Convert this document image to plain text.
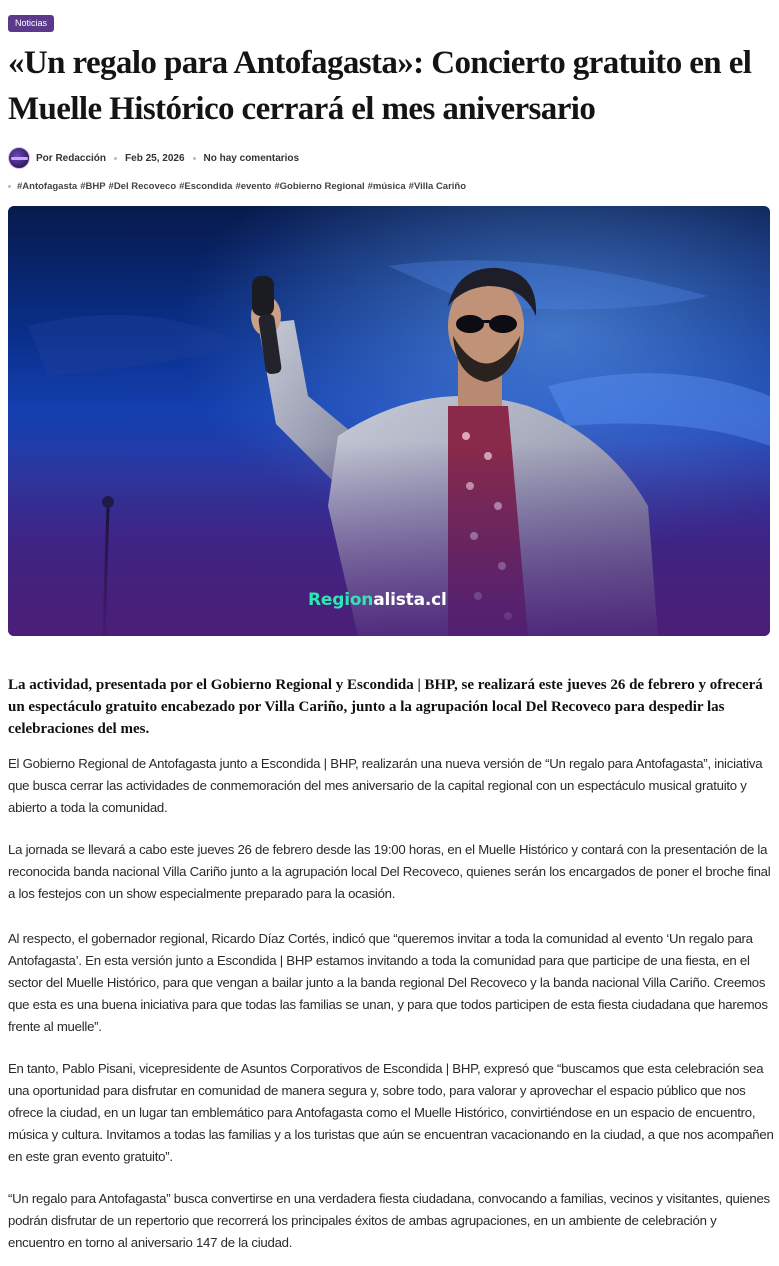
Noticias
«Un regalo para Antofagasta»: Concierto gratuito en el Muelle Histórico cerrará el mes aniversario
Por Redacción Feb 25, 2026 No hay comentarios
#Antofagasta #BHP #Del Recoveco #Escondida #evento #Gobierno Regional #música #Villa Cariño
Regionalista.cl

La actividad, presentada por el Gobierno Regional y Escondida | BHP, se realizará este jueves 26 de febrero y ofrecerá un espectáculo gratuito encabezado por Villa Cariño, junto a la agrupación local Del Recoveco para despedir las celebraciones del mes.

El Gobierno Regional de Antofagasta junto a Escondida | BHP, realizarán una nueva versión de “Un regalo para Antofagasta”, iniciativa que busca cerrar las actividades de conmemoración del mes aniversario de la capital regional con un espectáculo musical gratuito y abierto a toda la comunidad.

La jornada se llevará a cabo este jueves 26 de febrero desde las 19:00 horas, en el Muelle Histórico y contará con la presentación de la reconocida banda nacional Villa Cariño junto a la agrupación local Del Recoveco, quienes serán los encargados de poner el broche final a los festejos con un show especialmente preparado para la ocasión.

Al respecto, el gobernador regional, Ricardo Díaz Cortés, indicó que “queremos invitar a toda la comunidad al evento ‘Un regalo para Antofagasta’. En esta versión junto a Escondida | BHP estamos invitando a toda la comunidad para que participe de una fiesta, en el sector del Muelle Histórico, para que vengan a bailar junto a la banda regional Del Recoveco y la banda nacional Villa Cariño. Creemos que esta es una buena iniciativa para que todas las familias se unan, y para que todos participen de esta fiesta ciudadana que haremos frente al muelle”.

En tanto, Pablo Pisani, vicepresidente de Asuntos Corporativos de Escondida | BHP, expresó que “buscamos que esta celebración sea una oportunidad para disfrutar en comunidad de manera segura y, sobre todo, para valorar y aprovechar el espacio público que nos ofrece la ciudad, en un lugar tan emblemático para Antofagasta como el Muelle Histórico, convirtiéndose en un espacio de encuentro, música y cultura. Invitamos a todas las familias y a los turistas que aún se encuentran vacacionando en la ciudad, a que nos acompañen en este gran evento gratuito”.

“Un regalo para Antofagasta” busca convertirse en una verdadera fiesta ciudadana, convocando a familias, vecinos y visitantes, quienes podrán disfrutar de un repertorio que recorrerá los principales éxitos de ambas agrupaciones, en un ambiente de celebración y encuentro en torno al aniversario 147 de la ciudad.
